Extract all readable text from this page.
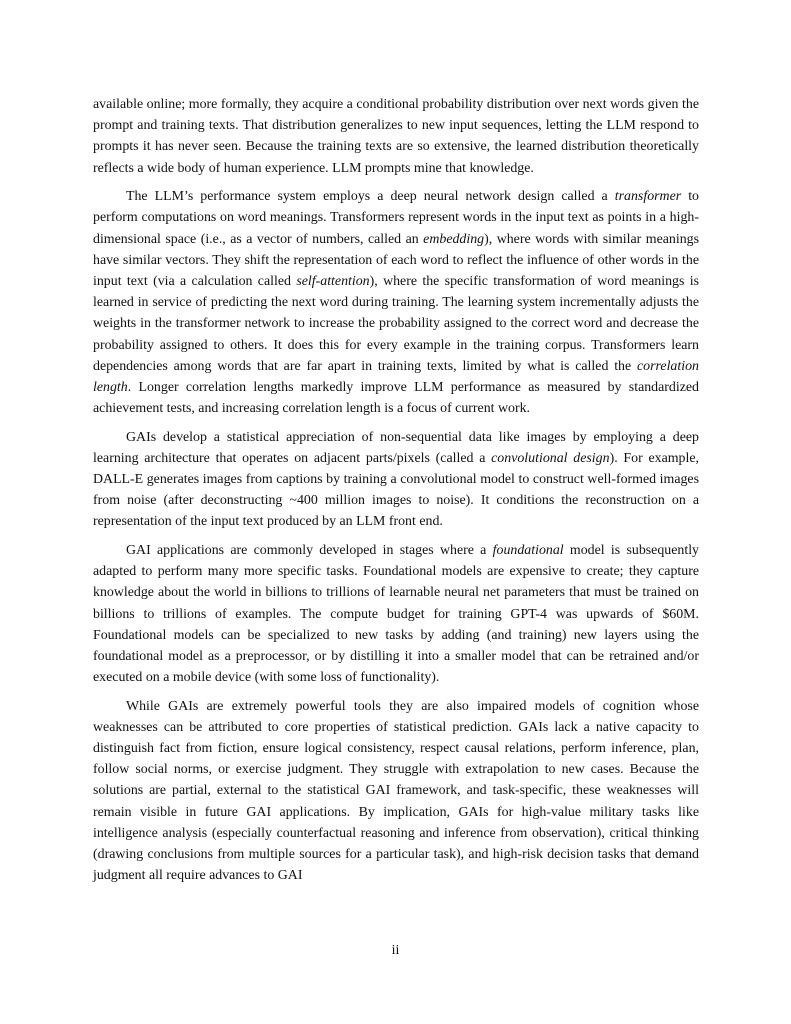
available online; more formally, they acquire a conditional probability distribution over next words given the prompt and training texts. That distribution generalizes to new input sequences, letting the LLM respond to prompts it has never seen. Because the training texts are so extensive, the learned distribution theoretically reflects a wide body of human experience. LLM prompts mine that knowledge.

The LLM’s performance system employs a deep neural network design called a transformer to perform computations on word meanings. Transformers represent words in the input text as points in a high-dimensional space (i.e., as a vector of numbers, called an embedding), where words with similar meanings have similar vectors. They shift the representation of each word to reflect the influence of other words in the input text (via a calculation called self-attention), where the specific transformation of word meanings is learned in service of predicting the next word during training. The learning system incrementally adjusts the weights in the transformer network to increase the probability assigned to the correct word and decrease the probability assigned to others. It does this for every example in the training corpus. Transformers learn dependencies among words that are far apart in training texts, limited by what is called the correlation length. Longer correlation lengths markedly improve LLM performance as measured by standardized achievement tests, and increasing correlation length is a focus of current work.

GAIs develop a statistical appreciation of non-sequential data like images by employing a deep learning architecture that operates on adjacent parts/pixels (called a convolutional design). For example, DALL-E generates images from captions by training a convolutional model to construct well-formed images from noise (after deconstructing ~400 million images to noise). It conditions the reconstruction on a representation of the input text produced by an LLM front end.

GAI applications are commonly developed in stages where a foundational model is subsequently adapted to perform many more specific tasks. Foundational models are expensive to create; they capture knowledge about the world in billions to trillions of learnable neural net parameters that must be trained on billions to trillions of examples. The compute budget for training GPT-4 was upwards of $60M. Foundational models can be specialized to new tasks by adding (and training) new layers using the foundational model as a preprocessor, or by distilling it into a smaller model that can be retrained and/or executed on a mobile device (with some loss of functionality).

While GAIs are extremely powerful tools they are also impaired models of cognition whose weaknesses can be attributed to core properties of statistical prediction. GAIs lack a native capacity to distinguish fact from fiction, ensure logical consistency, respect causal relations, perform inference, plan, follow social norms, or exercise judgment. They struggle with extrapolation to new cases. Because the solutions are partial, external to the statistical GAI framework, and task-specific, these weaknesses will remain visible in future GAI applications. By implication, GAIs for high-value military tasks like intelligence analysis (especially counterfactual reasoning and inference from observation), critical thinking (drawing conclusions from multiple sources for a particular task), and high-risk decision tasks that demand judgment all require advances to GAI

ii
